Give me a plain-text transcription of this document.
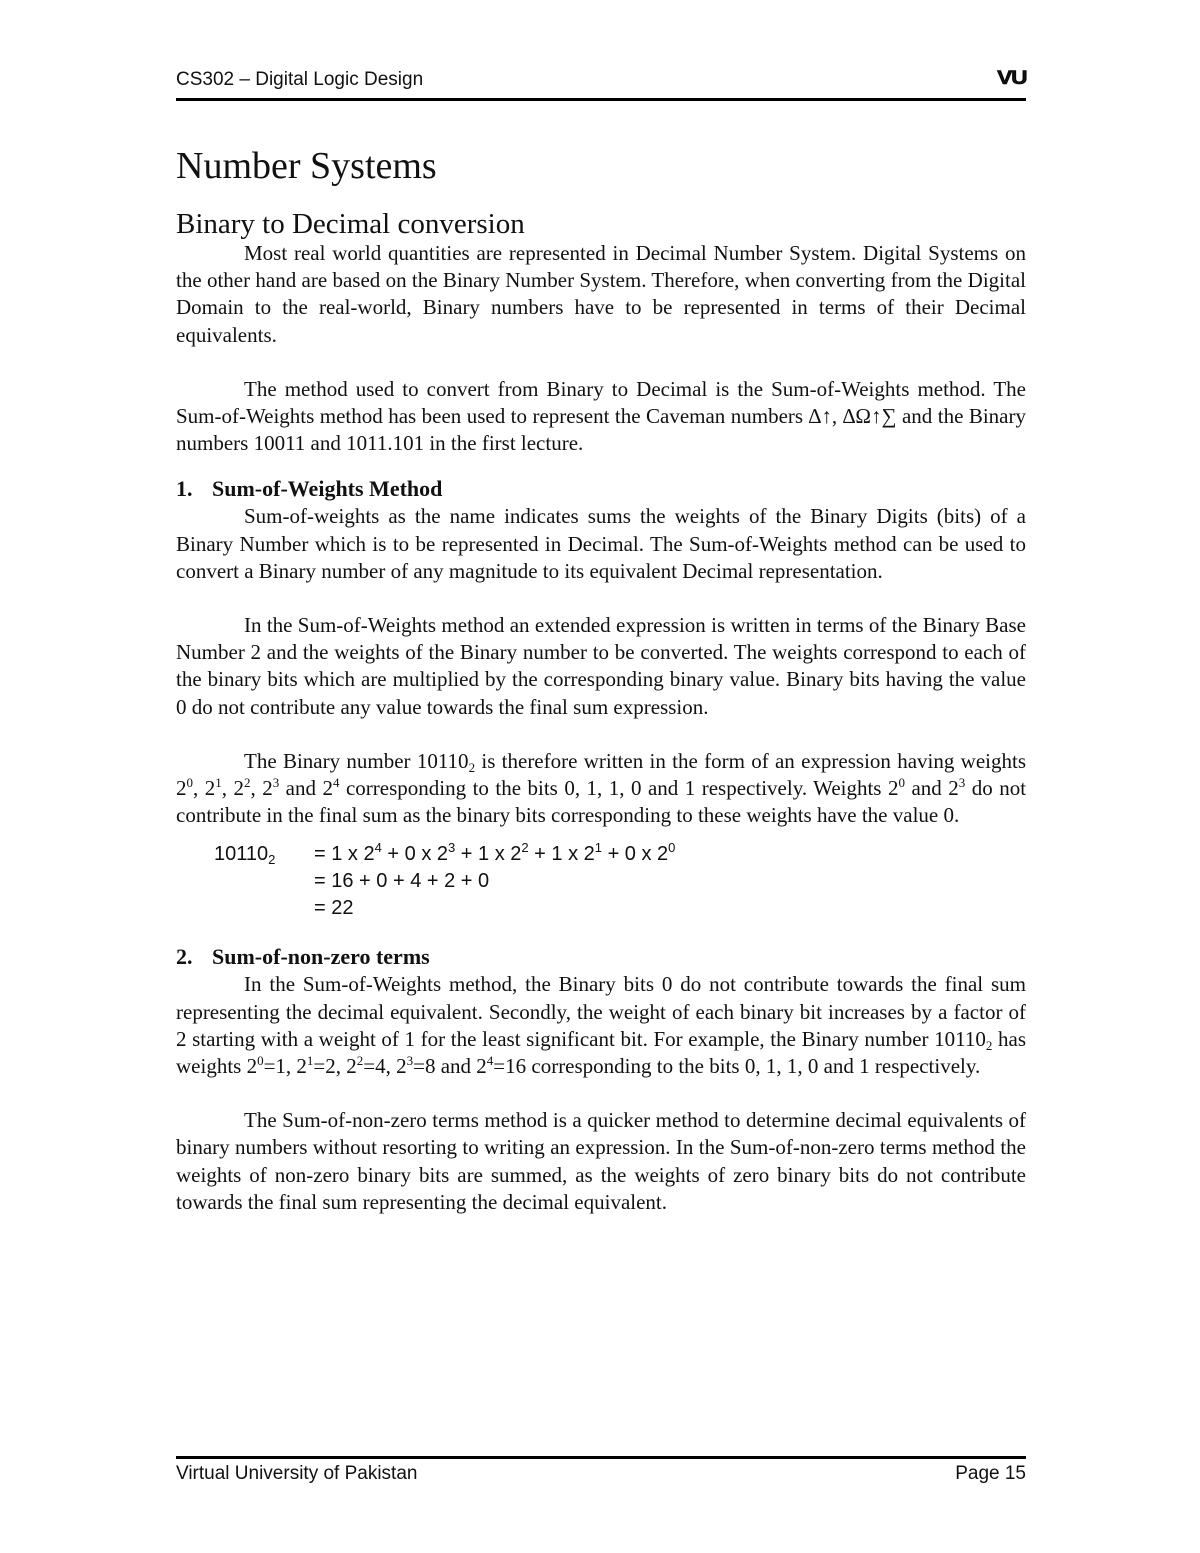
CS302 – Digital Logic Design	VU
Number Systems
Binary to Decimal conversion

Most real world quantities are represented in Decimal Number System. Digital Systems on the other hand are based on the Binary Number System. Therefore, when converting from the Digital Domain to the real-world, Binary numbers have to be represented in terms of their Decimal equivalents.

The method used to convert from Binary to Decimal is the Sum-of-Weights method. The Sum-of-Weights method has been used to represent the Caveman numbers ∆↑, ∆Ω↑∑ and the Binary numbers 10011 and 1011.101 in the first lecture.

1. Sum-of-Weights Method

Sum-of-weights as the name indicates sums the weights of the Binary Digits (bits) of a Binary Number which is to be represented in Decimal. The Sum-of-Weights method can be used to convert a Binary number of any magnitude to its equivalent Decimal representation.

In the Sum-of-Weights method an extended expression is written in terms of the Binary Base Number 2 and the weights of the Binary number to be converted. The weights correspond to each of the binary bits which are multiplied by the corresponding binary value. Binary bits having the value 0 do not contribute any value towards the final sum expression.

The Binary number $10110_2$ is therefore written in the form of an expression having weights $2^0$, $2^1$, $2^2$, $2^3$ and $2^4$ corresponding to the bits 0, 1, 1, 0 and 1 respectively. Weights $2^0$ and $2^3$ do not contribute in the final sum as the binary bits corresponding to these weights have the value 0.

$10110_2 = 1$ x $2^4 + 0$ x $2^3 + 1$ x $2^2 + 1$ x $2^1 + 0$ x $2^0$
= 16 + 0 + 4 + 2 + 0
= 22
2. Sum-of-non-zero terms

In the Sum-of-Weights method, the Binary bits 0 do not contribute towards the final sum representing the decimal equivalent. Secondly, the weight of each binary bit increases by a factor of 2 starting with a weight of 1 for the least significant bit. For example, the Binary number $10110_2$ has weights $2^0=1$, $2^1=2$, $2^2=4$, $2^3=8$ and $2^4=16$ corresponding to the bits 0, 1, 1, 0 and 1 respectively.

The Sum-of-non-zero terms method is a quicker method to determine decimal equivalents of binary numbers without resorting to writing an expression. In the Sum-of-non-zero terms method the weights of non-zero binary bits are summed, as the weights of zero binary bits do not contribute towards the final sum representing the decimal equivalent.

Virtual University of Pakistan	Page 15
